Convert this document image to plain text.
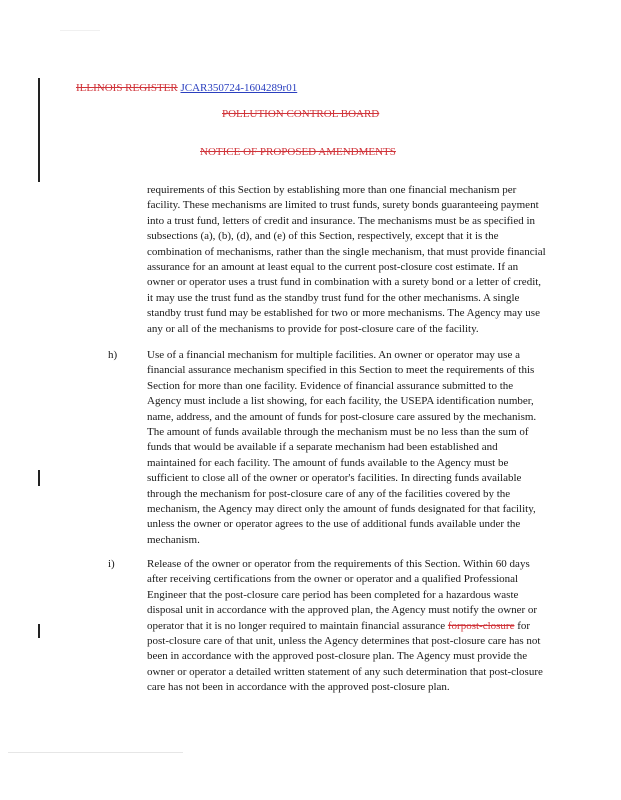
ILLINOIS REGISTER JCAR350724-1604289r01
POLLUTION CONTROL BOARD
NOTICE OF PROPOSED AMENDMENTS
requirements of this Section by establishing more than one financial mechanism per facility. These mechanisms are limited to trust funds, surety bonds guaranteeing payment into a trust fund, letters of credit and insurance. The mechanisms must be as specified in subsections (a), (b), (d), and (e) of this Section, respectively, except that it is the combination of mechanisms, rather than the single mechanism, that must provide financial assurance for an amount at least equal to the current post-closure cost estimate. If an owner or operator uses a trust fund in combination with a surety bond or a letter of credit, it may use the trust fund as the standby trust fund for the other mechanisms. A single standby trust fund may be established for two or more mechanisms. The Agency may use any or all of the mechanisms to provide for post-closure care of the facility.
h)	Use of a financial mechanism for multiple facilities. An owner or operator may use a financial assurance mechanism specified in this Section to meet the requirements of this Section for more than one facility. Evidence of financial assurance submitted to the Agency must include a list showing, for each facility, the USEPA identification number, name, address, and the amount of funds for post-closure care assured by the mechanism. The amount of funds available through the mechanism must be no less than the sum of funds that would be available if a separate mechanism had been established and maintained for each facility. The amount of funds available to the Agency must be sufficient to close all of the owner or operator's facilities. In directing funds available through the mechanism for post-closure care of any of the facilities covered by the mechanism, the Agency may direct only the amount of funds designated for that facility, unless the owner or operator agrees to the use of additional funds available under the mechanism.
i)	Release of the owner or operator from the requirements of this Section. Within 60 days after receiving certifications from the owner or operator and a qualified Professional Engineer that the post-closure care period has been completed for a hazardous waste disposal unit in accordance with the approved plan, the Agency must notify the owner or operator that it is no longer required to maintain financial assurance forpost-closure for post-closure care of that unit, unless the Agency determines that post-closure care has not been in accordance with the approved post-closure plan. The Agency must provide the owner or operator a detailed written statement of any such determination that post-closure care has not been in accordance with the approved post-closure plan.
